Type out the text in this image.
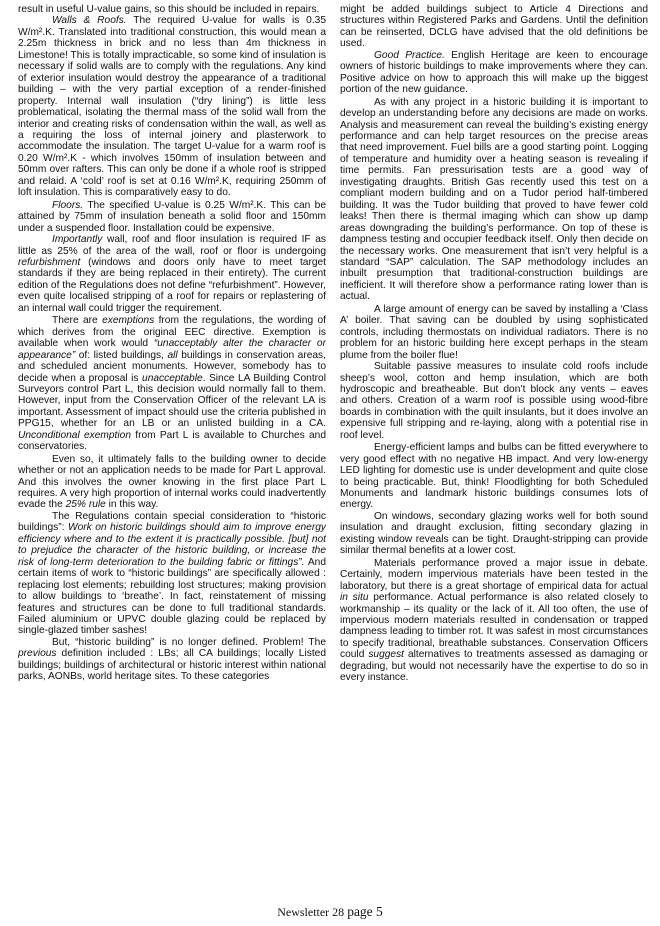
result in useful U-value gains, so this should be included in repairs.

Walls & Roofs. The required U-value for walls is 0.35 W/m².K. Translated into traditional construction, this would mean a 2.25m thickness in brick and no less than 4m thickness in Limestone! This is totally impracticable, so some kind of insulation is necessary if solid walls are to comply with the regulations. Any kind of exterior insulation would destroy the appearance of a traditional building – with the very partial exception of a render-finished property. Internal wall insulation (“dry lining”) is little less problematical, isolating the thermal mass of the solid wall from the interior and creating risks of condensation within the wall, as well as a requiring the loss of internal joinery and plasterwork to accommodate the insulation. The target U-value for a warm roof is 0.20 W/m².K - which involves 150mm of insulation between and 50mm over rafters. This can only be done if a whole roof is stripped and relaid. A ‘cold’ roof is set at 0.16 W/m².K, requiring 250mm of loft insulation. This is comparatively easy to do.

Floors. The specified U-value is 0.25 W/m².K. This can be attained by 75mm of insulation beneath a solid floor and 150mm under a suspended floor. Installation could be expensive.

Importantly wall, roof and floor insulation is required IF as little as 25% of the area of the wall, roof or floor is undergoing refurbishment (windows and doors only have to meet target standards if they are being replaced in their entirety). The current edition of the Regulations does not define “refurbishment”. However, even quite localised stripping of a roof for repairs or replastering of an internal wall could trigger the requirement.

There are exemptions from the regulations, the wording of which derives from the original EEC directive. Exemption is available when work would “unacceptably alter the character or appearance” of: listed buildings, all buildings in conservation areas, and scheduled ancient monuments. However, somebody has to decide when a proposal is unacceptable. Since LA Building Control Surveyors control Part L, this decision would normally fall to them. However, input from the Conservation Officer of the relevant LA is important. Assessment of impact should use the criteria published in PPG15, whether for an LB or an unlisted building in a CA. Unconditional exemption from Part L is available to Churches and conservatories.

Even so, it ultimately falls to the building owner to decide whether or not an application needs to be made for Part L approval. And this involves the owner knowing in the first place Part L requires. A very high proportion of internal works could inadvertently evade the 25% rule in this way.

The Regulations contain special consideration to “historic buildings”: Work on historic buildings should aim to improve energy efficiency where and to the extent it is practically possible. [but] not to prejudice the character of the historic building, or increase the risk of long-term deterioration to the building fabric or fittings”. And certain items of work to “historic buildings” are specifically allowed : replacing lost elements; rebuilding lost structures; making provision to allow buildings to ‘breathe’. In fact, reinstatement of missing features and structures can be done to full traditional standards. Failed aluminium or UPVC double glazing could be replaced by single-glazed timber sashes!

But, “historic building” is no longer defined. Problem! The previous definition included : LBs; all CA buildings; locally Listed buildings; buildings of architectural or historic interest within national parks, AONBs, world heritage sites. To these categories

might be added buildings subject to Article 4 Directions and structures within Registered Parks and Gardens. Until the definition can be reinserted, DCLG have advised that the old definitions be used.

Good Practice. English Heritage are keen to encourage owners of historic buildings to make improvements where they can. Positive advice on how to approach this will make up the biggest portion of the new guidance.

As with any project in a historic building it is important to develop an understanding before any decisions are made on works. Analysis and measurement can reveal the building’s existing energy performance and can help target resources on the precise areas that need improvement. Fuel bills are a good starting point. Logging of temperature and humidity over a heating season is revealing if time permits. Fan pressurisation tests are a good way of investigating draughts. British Gas recently used this test on a compliant modern building and on a Tudor period half-timbered building. It was the Tudor building that proved to have fewer cold leaks! Then there is thermal imaging which can show up damp areas downgrading the building’s performance. On top of these is dampness testing and occupier feedback itself. Only then decide on the necessary works. One measurement that isn’t very helpful is a standard “SAP” calculation. The SAP methodology includes an inbuilt presumption that traditional-construction buildings are inefficient. It will therefore show a performance rating lower than is actual.

A large amount of energy can be saved by installing a ‘Class A’ boiler. That saving can be doubled by using sophisticated controls, including thermostats on individual radiators. There is no problem for an historic building here except perhaps in the steam plume from the boiler flue!

Suitable passive measures to insulate cold roofs include sheep’s wool, cotton and hemp insulation, which are both hydroscopic and breatheable. But don’t block any vents – eaves and others. Creation of a warm roof is possible using wood-fibre boards in combination with the quilt insulants, but it does involve an expensive full stripping and re-laying, along with a potential rise in roof level.

Energy-efficient lamps and bulbs can be fitted everywhere to very good effect with no negative HB impact. And very low-energy LED lighting for domestic use is under development and quite close to being practicable. But, think! Floodlighting for both Scheduled Monuments and landmark historic buildings consumes lots of energy.

On windows, secondary glazing works well for both sound insulation and draught exclusion, fitting secondary glazing in existing window reveals can be tight. Draught-stripping can provide similar thermal benefits at a lower cost.

Materials performance proved a major issue in debate. Certainly, modern impervious materials have been tested in the laboratory, but there is a great shortage of empirical data for actual in situ performance. Actual performance is also related closely to workmanship – its quality or the lack of it. All too often, the use of impervious modern materials resulted in condensation or trapped dampness leading to timber rot. It was safest in most circumstances to specify traditional, breathable substances. Conservation Officers could suggest alternatives to treatments assessed as damaging or degrading, but would not necessarily have the expertise to do so in every instance.

Newsletter 28 page 5
